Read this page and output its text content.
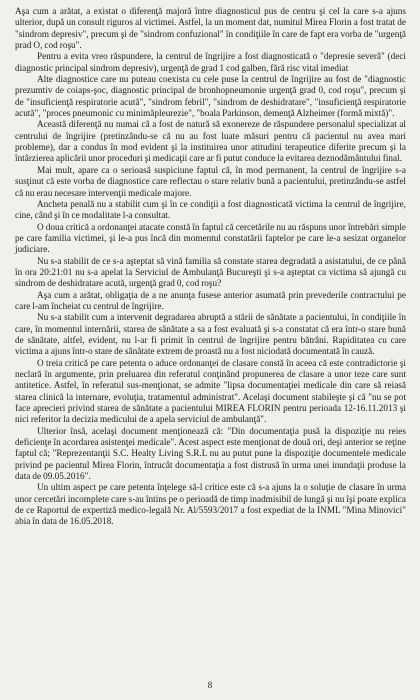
Aşa cum a arătat, a existat o diferenţă majoră între diagnosticul pus de centru şi cel la care s-a ajuns ulterior, după un consult riguros al victimei. Astfel, la un moment dat, numitul Mirea Florin a fost tratat de "sindrom depresiv", precum şi de "sindrom confuzional" în condiţiile în care de fapt era vorba de "urgenţă prad O, cod roşu".

Pentru a evita vreo răspundere, la centrul de îngrijire a fost diagnosticată o "depresie severă" (deci diagnostic principal sindrom depresiv), urgenţă de grad 1 cod galben, fără risc vital imediat

Alte diagnostice care nu puteau coexista cu cele puse la centrul de îngrijire au fost de "diagnostic prezumtiv de coiaps-şoc, diagnostic principal de bronhopneumonie urgenţă grad 0, cod roşu", precum şi de "insuficienţă respiratorie acută", "sindrom febril", "sindrom de deshidratare", "insuficienţă respiratorie acută", "proces pneumonic cu minimăpleurezie", "boala Parkinson, demenţă Alzheimer (formă mixtă)".

Această diferenţă nu numai că a fost de natură să exonereze de răspundere personalul specializat al centrului de îngrijire (pretinzându-se că nu au fost luate măsuri pentru că pacientul nu avea mari probleme), dar a condus în mod evident şi la instituirea unor atitudini terapeutice diferite precum şi la întârzierea aplicării unor proceduri şi medicaţii care ar fi putut conduce la evitarea deznodământului final.

Mai mult, apare ca o serioasă suspiciune faptul că, în mod permanent, la centrul de îngrijire s-a susţinut că este vorba de diagnostice care reflectau o stare relativ bună a pacientului, pretinzându-se astfel că nu erau necesare intervenţii medicale majore.

Ancheta penală nu a stabilit cum şi în ce condiţii a fost diagnosticată victima la centrul de îngrijire, cine, când şi în ce modalitate l-a consultat.

O doua critică a ordonanţei atacate constă în faptul că cercetările nu au răspuns unor întrebări simple pe care familia victimei, şi le-a pus încă din momentul constatării faptelor pe care le-a sesizat organelor judiciare.

Nu s-a stabilit de ce s-a aşteptat să vină familia să constate starea degradată a asistatului, de ce până în ora 20:21:01 nu s-a apelat la Serviciul de Ambulanţă Bucureşti şi s-a aşteptat ca victima să ajungă cu sindrom de deshidratare acută, urgenţă grad 0, cod roşu?

Aşa cum a arătat, obligaţia de a ne anunţa fusese anterior asumată prin prevederile contractului pe care l-am încheiat cu centrul de îngrijire.

Nu s-a stabilit cum a intervenit degradarea abruptă a stării de sănătate a pacientului, în condiţiile în care, în momentul internării, starea de sănătate a sa a fost evaluată şi s-a constatat că era într-o stare bună de sănătate, altfel, evident, nu l-ar fi primit în centrul de îngrijire pentru bătrâni. Rapiditatea cu care victima a ajuns într-o stare de sănătate extrem de proastă nu a fost niciodată documentată în cauză.

O treia critică pe care petenta o aduce ordonanţei de clasare constă în aceea că este contradictorie şi neclară în argumente, prin preluarea din referatul conţinând propunerea de clasare a unor teze care sunt antitetice. Astfel, în referatul sus-menţionat, se admite "lipsa documentaţiei medicale din care să reiasă starea clinică la internare, evoluţia, tratamentul administrat". Acelaşi document stabileşte şi că "nu se pot face aprecieri privind starea de sănătate a pacientului MIREA FLORIN pentru perioada 12-16.11.2013 şi nici referitor la decizia medicului de a apela serviciul de ambulanţă".

Ulterior însă, acelaşi document menţionează că: "Din documentaţia pusă la dispoziţie nu reies deficienţe în acordarea asistenţei medicale". Acest aspect este menţionat de două ori, deşi anterior se reţine faptul că; "Reprezentanţii S.C. Healty Living S.R.L nu au putut pune la dispoziţie documentele medicale privind pe pacientul Mirea Florin, întrucât documentaţia a fost distrusă în urma unei inundaţii produse la data de 09.05.2016".

Un ultim aspect pe care petenta înţelege să-l critice este că s-a ajuns la o soluţie de clasare în urma unor cercetări incomplete care s-au întins pe o perioadă de timp inadmisibil de lungă şi nu îşi poate explica de ce Raportul de expertiză medico-legală Nr. Al/5593/2017 a fost expediat de la INML "Mina Minovici" abia în data de 16.05.2018.

8
